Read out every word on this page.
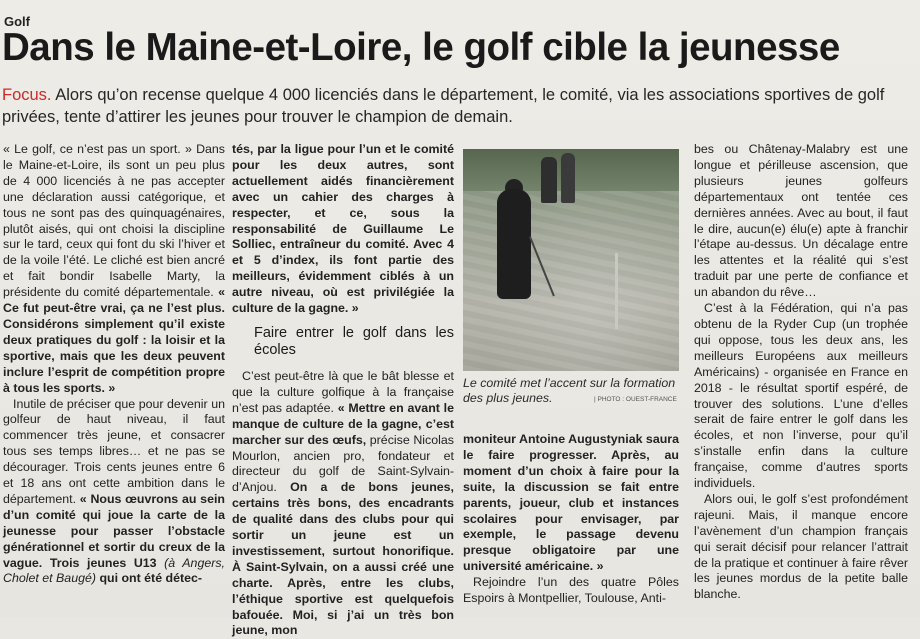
Golf
Dans le Maine-et-Loire, le golf cible la jeunesse
Focus. Alors qu’on recense quelque 4 000 licenciés dans le département, le comité, via les associations sportives de golf privées, tente d’attirer les jeunes pour trouver le champion de demain.

« Le golf, ce n’est pas un sport. » Dans le Maine-et-Loire, ils sont un peu plus de 4 000 licenciés à ne pas accepter une déclaration aussi catégorique, et tous ne sont pas des quinquagénaires, plutôt aisés, qui ont choisi la discipline sur le tard, ceux qui font du ski l’hiver et de la voile l’été. Le cliché est bien ancré et fait bondir Isabelle Marty, la présidente du comité départementale. « Ce fut peut-être vrai, ça ne l’est plus. Considérons simplement qu’il existe deux pratiques du golf : la loisir et la sportive, mais que les deux peuvent inclure l’esprit de compétition propre à tous les sports. »

Inutile de préciser que pour devenir un golfeur de haut niveau, il faut commencer très jeune, et consacrer tous ses temps libres… et ne pas se décourager. Trois cents jeunes entre 6 et 18 ans ont cette ambition dans le département. « Nous œuvrons au sein d’un comité qui joue la carte de la jeunesse pour passer l’obstacle générationnel et sortir du creux de la vague. Trois jeunes U13 (à Angers, Cholet et Baugé) qui ont été détec-

tés, par la ligue pour l’un et le comité pour les deux autres, sont actuellement aidés financièrement avec un cahier des charges à respecter, et ce, sous la responsabilité de Guillaume Le Solliec, entraîneur du comité. Avec 4 et 5 d’index, ils font partie des meilleurs, évidemment ciblés à un autre niveau, où est privilégiée la culture de la gagne. »

Faire entrer le golf dans les écoles

C’est peut-être là que le bât blesse et que la culture golfique à la française n’est pas adaptée. « Mettre en avant le manque de culture de la gagne, c’est marcher sur des œufs, précise Nicolas Mourlon, ancien pro, fondateur et directeur du golf de Saint-Sylvain-d’Anjou. On a de bons jeunes, certains très bons, des encadrants de qualité dans des clubs pour qui sortir un jeune est un investissement, surtout honorifique. À Saint-Sylvain, on a aussi créé une charte. Après, entre les clubs, l’éthique sportive est quelquefois bafouée. Moi, si j’ai un très bon jeune, mon

Le comité met l’accent sur la formation des plus jeunes.	| PHOTO : OUEST-FRANCE

moniteur Antoine Augustyniak saura le faire progresser. Après, au moment d’un choix à faire pour la suite, la discussion se fait entre parents, joueur, club et instances scolaires pour envisager, par exemple, le passage devenu presque obligatoire par une université américaine. »

Rejoindre l’un des quatre Pôles Espoirs à Montpellier, Toulouse, Anti-

bes ou Châtenay-Malabry est une longue et périlleuse ascension, que plusieurs jeunes golfeurs départementaux ont tentée ces dernières années. Avec au bout, il faut le dire, aucun(e) élu(e) apte à franchir l’étape au-dessus. Un décalage entre les attentes et la réalité qui s’est traduit par une perte de confiance et un abandon du rêve…

C’est à la Fédération, qui n’a pas obtenu de la Ryder Cup (un trophée qui oppose, tous les deux ans, les meilleurs Européens aux meilleurs Américains) - organisée en France en 2018 - le résultat sportif espéré, de trouver des solutions. L’une d’elles serait de faire entrer le golf dans les écoles, et non l’inverse, pour qu’il s’installe enfin dans la culture française, comme d’autres sports individuels.

Alors oui, le golf s’est profondément rajeuni. Mais, il manque encore l’avènement d’un champion français qui serait décisif pour relancer l’attrait de la pratique et continuer à faire rêver les jeunes mordus de la petite balle blanche.
